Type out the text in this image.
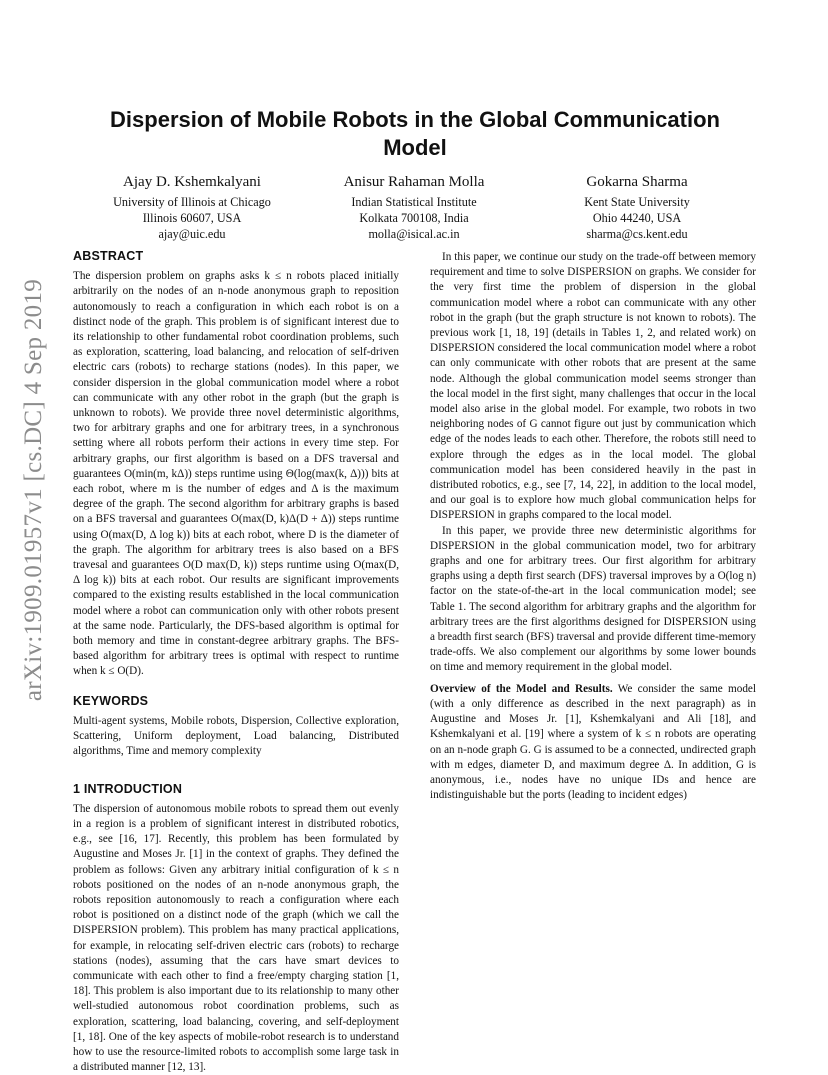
arXiv:1909.01957v1 [cs.DC] 4 Sep 2019
Dispersion of Mobile Robots in the Global Communication Model
Ajay D. Kshemkalyani
University of Illinois at Chicago
Illinois 60607, USA
ajay@uic.edu
Anisur Rahaman Molla
Indian Statistical Institute
Kolkata 700108, India
molla@isical.ac.in
Gokarna Sharma
Kent State University
Ohio 44240, USA
sharma@cs.kent.edu
ABSTRACT

The dispersion problem on graphs asks k ≤ n robots placed initially arbitrarily on the nodes of an n-node anonymous graph to reposition autonomously to reach a configuration in which each robot is on a distinct node of the graph. This problem is of significant interest due to its relationship to other fundamental robot coordination problems, such as exploration, scattering, load balancing, and relocation of self-driven electric cars (robots) to recharge stations (nodes). In this paper, we consider dispersion in the global communication model where a robot can communicate with any other robot in the graph (but the graph is unknown to robots). We provide three novel deterministic algorithms, two for arbitrary graphs and one for arbitrary trees, in a synchronous setting where all robots perform their actions in every time step. For arbitrary graphs, our first algorithm is based on a DFS traversal and guarantees O(min(m, kΔ)) steps runtime using Θ(log(max(k, Δ))) bits at each robot, where m is the number of edges and Δ is the maximum degree of the graph. The second algorithm for arbitrary graphs is based on a BFS traversal and guarantees O(max(D, k)Δ(D + Δ)) steps runtime using O(max(D, Δ log k)) bits at each robot, where D is the diameter of the graph. The algorithm for arbitrary trees is also based on a BFS travesal and guarantees O(D max(D, k)) steps runtime using O(max(D, Δ log k)) bits at each robot. Our results are significant improvements compared to the existing results established in the local communication model where a robot can communication only with other robots present at the same node. Particularly, the DFS-based algorithm is optimal for both memory and time in constant-degree arbitrary graphs. The BFS-based algorithm for arbitrary trees is optimal with respect to runtime when k ≤ O(D).

KEYWORDS

Multi-agent systems, Mobile robots, Dispersion, Collective exploration, Scattering, Uniform deployment, Load balancing, Distributed algorithms, Time and memory complexity

1 INTRODUCTION

The dispersion of autonomous mobile robots to spread them out evenly in a region is a problem of significant interest in distributed robotics, e.g., see [16, 17]. Recently, this problem has been formulated by Augustine and Moses Jr. [1] in the context of graphs. They defined the problem as follows: Given any arbitrary initial configuration of k ≤ n robots positioned on the nodes of an n-node anonymous graph, the robots reposition autonomously to reach a configuration where each robot is positioned on a distinct node of the graph (which we call the DISPERSION problem). This problem has many practical applications, for example, in relocating self-driven electric cars (robots) to recharge stations (nodes), assuming that the cars have smart devices to communicate with each other to find a free/empty charging station [1, 18]. This problem is also important due to its relationship to many other well-studied autonomous robot coordination problems, such as exploration, scattering, load balancing, covering, and self-deployment [1, 18]. One of the key aspects of mobile-robot research is to understand how to use the resource-limited robots to accomplish some large task in a distributed manner [12, 13].

In this paper, we continue our study on the trade-off between memory requirement and time to solve DISPERSION on graphs. We consider for the very first time the problem of dispersion in the global communication model where a robot can communicate with any other robot in the graph (but the graph structure is not known to robots). The previous work [1, 18, 19] (details in Tables 1, 2, and related work) on DISPERSION considered the local communication model where a robot can only communicate with other robots that are present at the same node. Although the global communication model seems stronger than the local model in the first sight, many challenges that occur in the local model also arise in the global model. For example, two robots in two neighboring nodes of G cannot figure out just by communication which edge of the nodes leads to each other. Therefore, the robots still need to explore through the edges as in the local model. The global communication model has been considered heavily in the past in distributed robotics, e.g., see [7, 14, 22], in addition to the local model, and our goal is to explore how much global communication helps for DISPERSION in graphs compared to the local model.

In this paper, we provide three new deterministic algorithms for DISPERSION in the global communication model, two for arbitrary graphs and one for arbitrary trees. Our first algorithm for arbitrary graphs using a depth first search (DFS) traversal improves by a O(log n) factor on the state-of-the-art in the local communication model; see Table 1. The second algorithm for arbitrary graphs and the algorithm for arbitrary trees are the first algorithms designed for DISPERSION using a breadth first search (BFS) traversal and provide different time-memory trade-offs. We also complement our algorithms by some lower bounds on time and memory requirement in the global model.

Overview of the Model and Results. We consider the same model (with a only difference as described in the next paragraph) as in Augustine and Moses Jr. [1], Kshemkalyani and Ali [18], and Kshemkalyani et al. [19] where a system of k ≤ n robots are operating on an n-node graph G. G is assumed to be a connected, undirected graph with m edges, diameter D, and maximum degree Δ. In addition, G is anonymous, i.e., nodes have no unique IDs and hence are indistinguishable but the ports (leading to incident edges)
